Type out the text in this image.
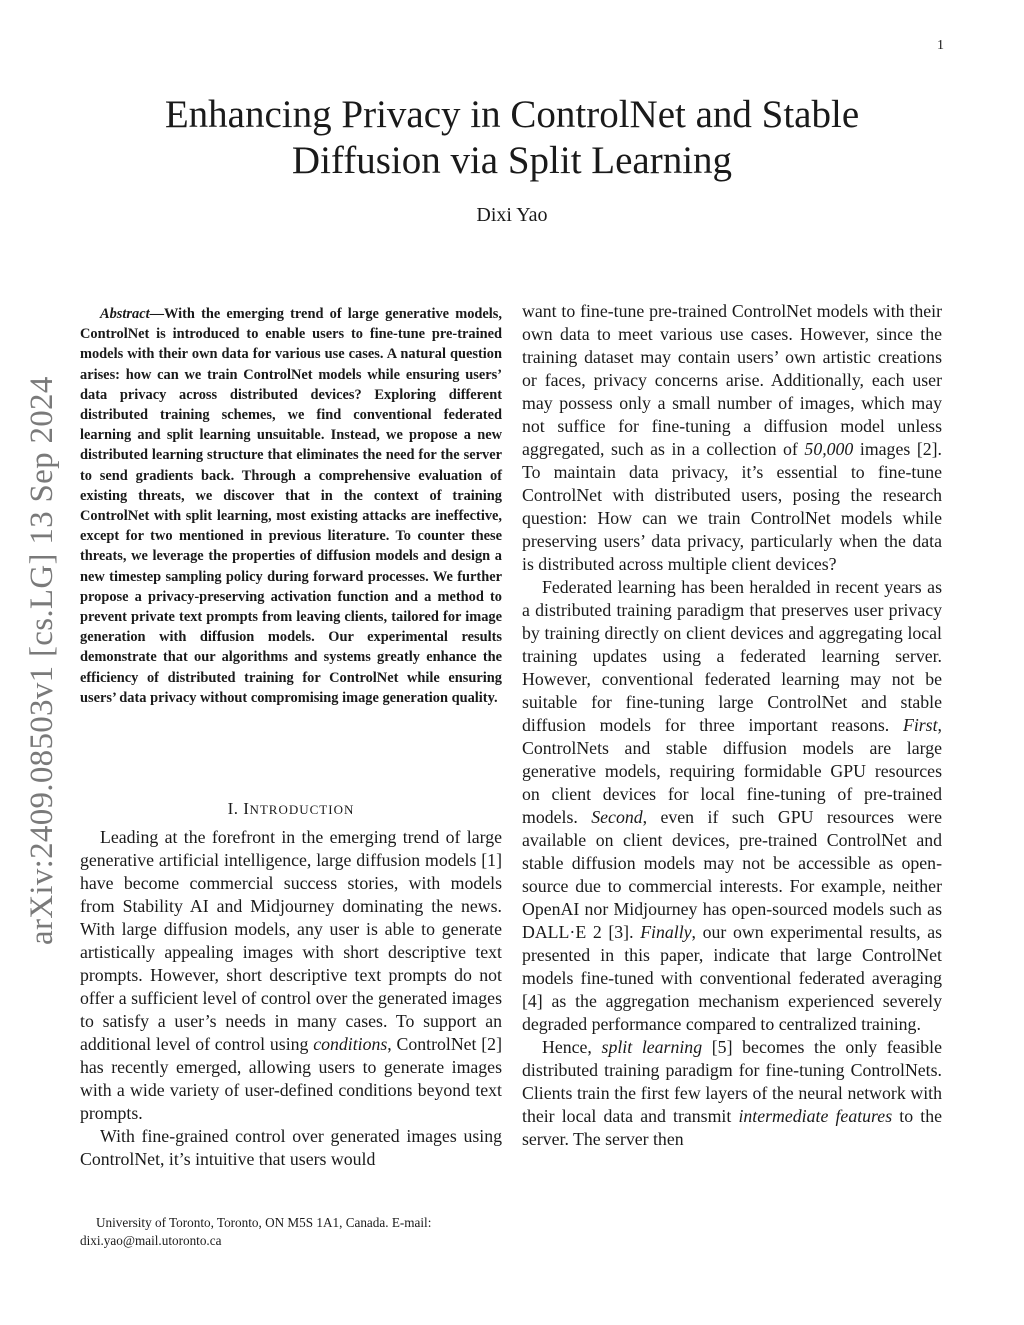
1
arXiv:2409.08503v1 [cs.LG] 13 Sep 2024
Enhancing Privacy in ControlNet and Stable
Diffusion via Split Learning
Dixi Yao

Abstract—With the emerging trend of large generative models, ControlNet is introduced to enable users to fine-tune pre-trained models with their own data for various use cases. A natural question arises: how can we train ControlNet models while ensuring users’ data privacy across distributed devices? Exploring different distributed training schemes, we find conventional federated learning and split learning unsuitable. Instead, we propose a new distributed learning structure that eliminates the need for the server to send gradients back. Through a comprehensive evaluation of existing threats, we discover that in the context of training ControlNet with split learning, most existing attacks are ineffective, except for two mentioned in previous literature. To counter these threats, we leverage the properties of diffusion models and design a new timestep sampling policy during forward processes. We further propose a privacy-preserving activation function and a method to prevent private text prompts from leaving clients, tailored for image generation with diffusion models. Our experimental results demonstrate that our algorithms and systems greatly enhance the efficiency of distributed training for ControlNet while ensuring users’ data privacy without compromising image generation quality.

I. INTRODUCTION

Leading at the forefront in the emerging trend of large generative artificial intelligence, large diffusion models [1] have become commercial success stories, with models from Stability AI and Midjourney dominating the news. With large diffusion models, any user is able to generate artistically appealing images with short descriptive text prompts. However, short descriptive text prompts do not offer a sufficient level of control over the generated images to satisfy a user’s needs in many cases. To support an additional level of control using conditions, ControlNet [2] has recently emerged, allowing users to generate images with a wide variety of user-defined conditions beyond text prompts.

With fine-grained control over generated images using ControlNet, it’s intuitive that users would

University of Toronto, Toronto, ON M5S 1A1, Canada. E-mail:
dixi.yao@mail.utoronto.ca

want to fine-tune pre-trained ControlNet models with their own data to meet various use cases. However, since the training dataset may contain users’ own artistic creations or faces, privacy concerns arise. Additionally, each user may possess only a small number of images, which may not suffice for fine-tuning a diffusion model unless aggregated, such as in a collection of 50,000 images [2]. To maintain data privacy, it’s essential to fine-tune ControlNet with distributed users, posing the research question: How can we train ControlNet models while preserving users’ data privacy, particularly when the data is distributed across multiple client devices?

Federated learning has been heralded in recent years as a distributed training paradigm that preserves user privacy by training directly on client devices and aggregating local training updates using a federated learning server. However, conventional federated learning may not be suitable for fine-tuning large ControlNet and stable diffusion models for three important reasons. First, ControlNets and stable diffusion models are large generative models, requiring formidable GPU resources on client devices for local fine-tuning of pre-trained models. Second, even if such GPU resources were available on client devices, pre-trained ControlNet and stable diffusion models may not be accessible as open-source due to commercial interests. For example, neither OpenAI nor Midjourney has open-sourced models such as DALL·E 2 [3]. Finally, our own experimental results, as presented in this paper, indicate that large ControlNet models fine-tuned with conventional federated averaging [4] as the aggregation mechanism experienced severely degraded performance compared to centralized training.

Hence, split learning [5] becomes the only feasible distributed training paradigm for fine-tuning ControlNets. Clients train the first few layers of the neural network with their local data and transmit intermediate features to the server. The server then
